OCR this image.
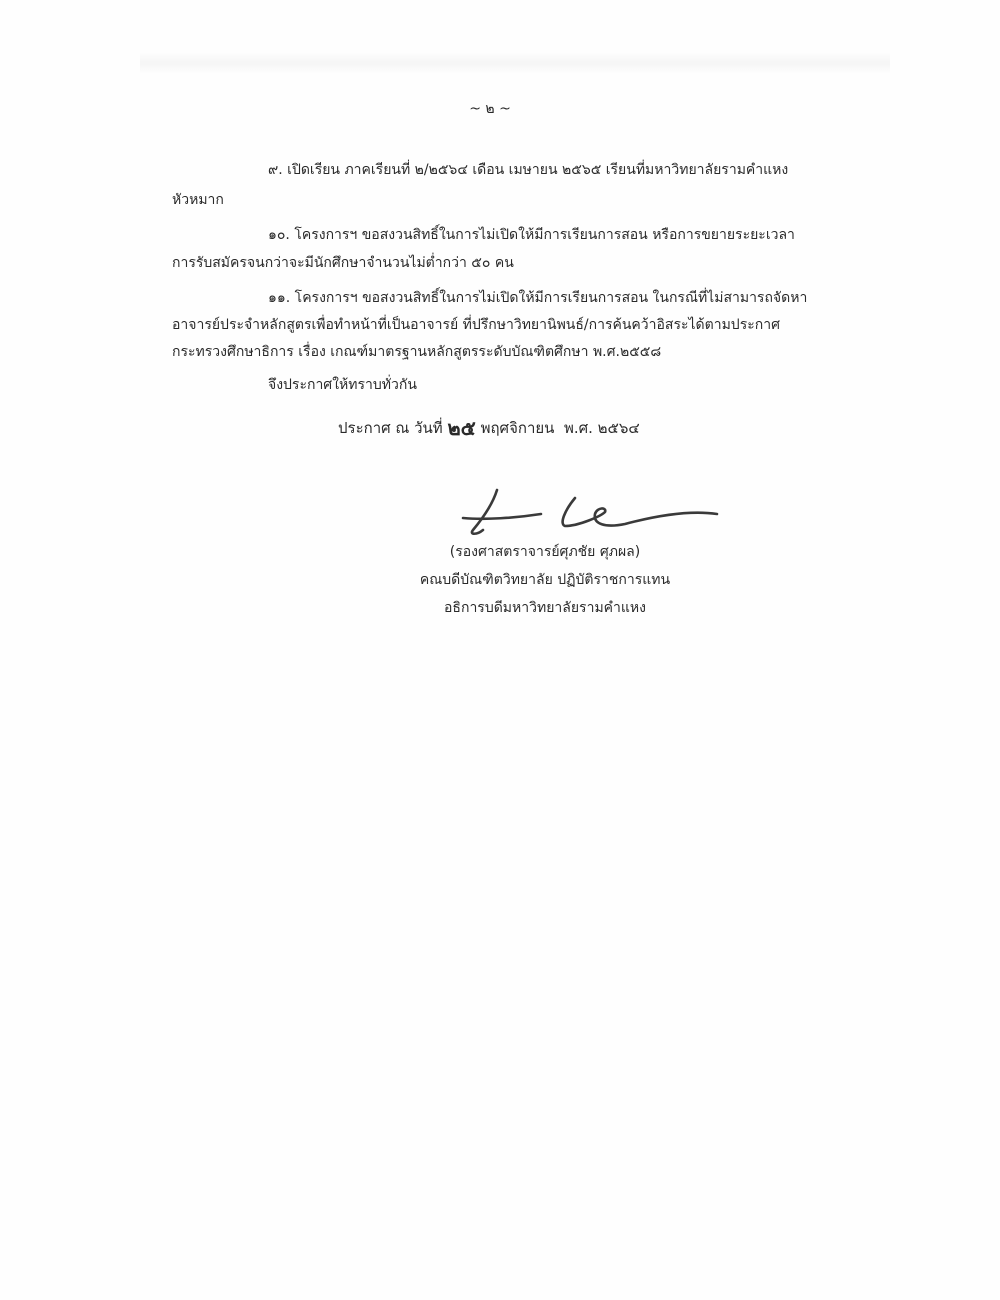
~ ๒ ~
๙. เปิดเรียน ภาคเรียนที่ ๒/๒๕๖๔ เดือน เมษายน ๒๕๖๕ เรียนที่มหาวิทยาลัยรามคำแหง
หัวหมาก
๑๐. โครงการฯ ขอสงวนสิทธิ์ในการไม่เปิดให้มีการเรียนการสอน หรือการขยายระยะเวลา
การรับสมัครจนกว่าจะมีนักศึกษาจำนวนไม่ต่ำกว่า ๕๐ คน
๑๑. โครงการฯ ขอสงวนสิทธิ์ในการไม่เปิดให้มีการเรียนการสอน ในกรณีที่ไม่สามารถจัดหา
อาจารย์ประจำหลักสูตรเพื่อทำหน้าที่เป็นอาจารย์ ที่ปรึกษาวิทยานิพนธ์/การค้นคว้าอิสระได้ตามประกาศ
กระทรวงศึกษาธิการ เรื่อง เกณฑ์มาตรฐานหลักสูตรระดับบัณฑิตศึกษา พ.ศ.๒๕๕๘
จึงประกาศให้ทราบทั่วกัน
ประกาศ ณ วันที่ ๒๕ พฤศจิกายน พ.ศ. ๒๕๖๔
(รองศาสตราจารย์ศุภชัย ศุภผล)
คณบดีบัณฑิตวิทยาลัย ปฏิบัติราชการแทน
อธิการบดีมหาวิทยาลัยรามคำแหง
